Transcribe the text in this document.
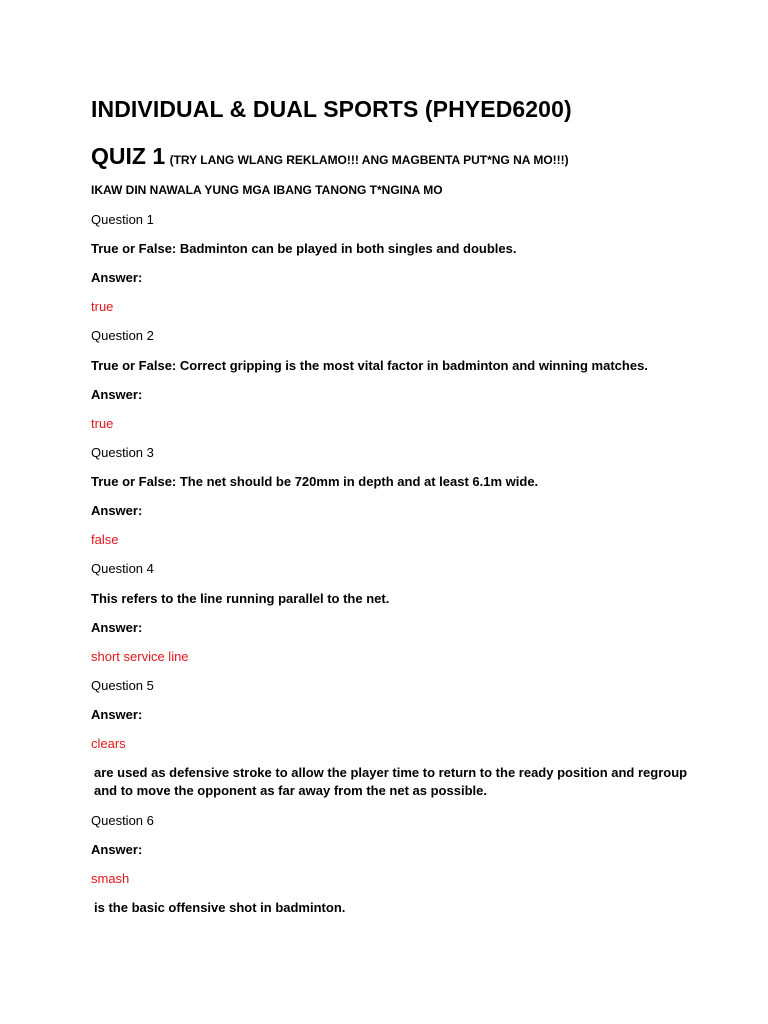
INDIVIDUAL & DUAL SPORTS (PHYED6200)
QUIZ 1 (TRY LANG WLANG REKLAMO!!! ANG MAGBENTA PUT*NG NA MO!!!)
IKAW DIN NAWALA YUNG MGA IBANG TANONG T*NGINA MO
Question 1
True or False: Badminton can be played in both singles and doubles.
Answer:
true
Question 2
True or False: Correct gripping is the most vital factor in badminton and winning matches.
Answer:
true
Question 3
True or False: The net should be 720mm in depth and at least 6.1m wide.
Answer:
false
Question 4
This refers to the line running parallel to the net.
Answer:
short service line
Question 5
Answer:
clears
are used as defensive stroke to allow the player time to return to the ready position and regroup and to move the opponent as far away from the net as possible.
Question 6
Answer:
smash
is the basic offensive shot in badminton.
